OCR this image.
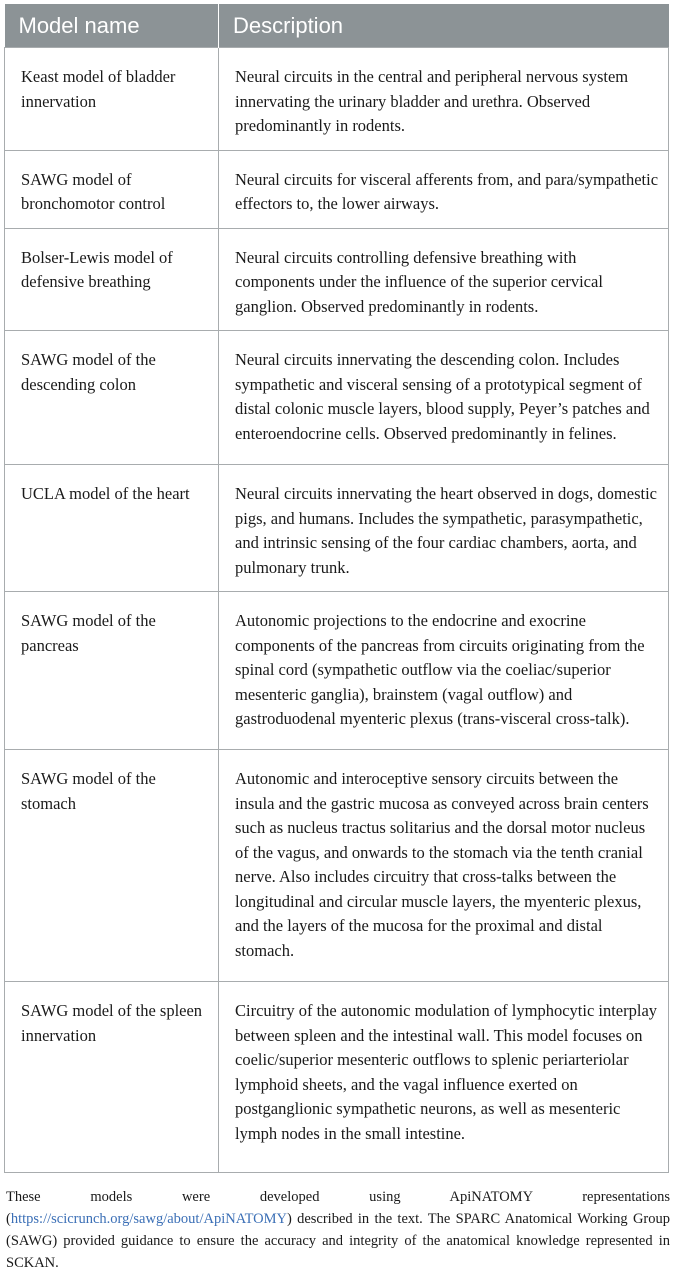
Model name	Description
Keast model of bladder innervation	Neural circuits in the central and peripheral nervous system innervating the urinary bladder and urethra. Observed predominantly in rodents.
SAWG model of bronchomotor control	Neural circuits for visceral afferents from, and para/sympathetic effectors to, the lower airways.
Bolser-Lewis model of defensive breathing	Neural circuits controlling defensive breathing with components under the influence of the superior cervical ganglion. Observed predominantly in rodents.
SAWG model of the descending colon	Neural circuits innervating the descending colon. Includes sympathetic and visceral sensing of a prototypical segment of distal colonic muscle layers, blood supply, Peyer’s patches and enteroendocrine cells. Observed predominantly in felines.
UCLA model of the heart	Neural circuits innervating the heart observed in dogs, domestic pigs, and humans. Includes the sympathetic, parasympathetic, and intrinsic sensing of the four cardiac chambers, aorta, and pulmonary trunk.
SAWG model of the pancreas	Autonomic projections to the endocrine and exocrine components of the pancreas from circuits originating from the spinal cord (sympathetic outflow via the coeliac/superior mesenteric ganglia), brainstem (vagal outflow) and gastroduodenal myenteric plexus (trans-visceral cross-talk).
SAWG model of the stomach	Autonomic and interoceptive sensory circuits between the insula and the gastric mucosa as conveyed across brain centers such as nucleus tractus solitarius and the dorsal motor nucleus of the vagus, and onwards to the stomach via the tenth cranial nerve. Also includes circuitry that cross-talks between the longitudinal and circular muscle layers, the myenteric plexus, and the layers of the mucosa for the proximal and distal stomach.
SAWG model of the spleen innervation	Circuitry of the autonomic modulation of lymphocytic interplay between spleen and the intestinal wall. This model focuses on coelic/superior mesenteric outflows to splenic periarteriolar lymphoid sheets, and the vagal influence exerted on postganglionic sympathetic neurons, as well as mesenteric lymph nodes in the small intestine.

These models were developed using ApiNATOMY representations (https://scicrunch.org/sawg/about/ApiNATOMY) described in the text. The SPARC Anatomical Working Group (SAWG) provided guidance to ensure the accuracy and integrity of the anatomical knowledge represented in SCKAN.
